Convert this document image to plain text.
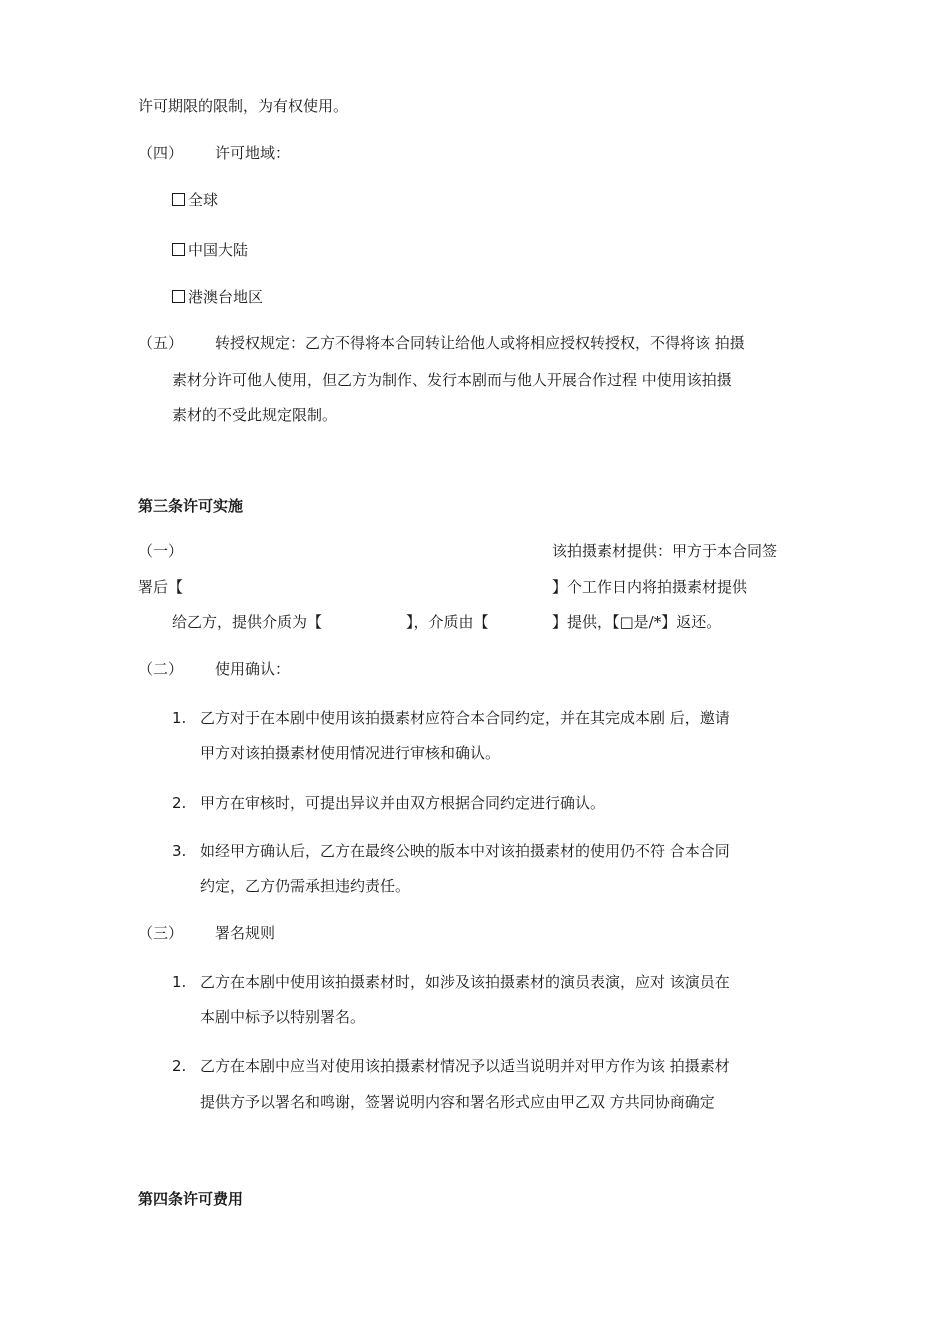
许可期限的限制，为有权使用。
（四） 许可地域：
全球
中国大陆
港澳台地区
（五） 转授权规定：乙方不得将本合同转让给他人或将相应授权转授权，不得将该 拍摄
素材分许可他人使用，但乙方为制作、发行本剧而与他人开展合作过程 中使用该拍摄
素材的不受此规定限制。
第三条许可实施
（一）	该拍摄素材提供：甲方于本合同签
署后【	】个工作日内将拍摄素材提供
给乙方，提供介质为【	】，介质由【	】提供，【□是/*】返还。
（二） 使用确认：
1. 乙方对于在本剧中使用该拍摄素材应符合本合同约定，并在其完成本剧 后，邀请
甲方对该拍摄素材使用情况进行审核和确认。
2. 甲方在审核时，可提出异议并由双方根据合同约定进行确认。
3. 如经甲方确认后，乙方在最终公映的版本中对该拍摄素材的使用仍不符 合本合同
约定，乙方仍需承担违约责任。
（三） 署名规则
1. 乙方在本剧中使用该拍摄素材时，如涉及该拍摄素材的演员表演，应对 该演员在
本剧中标予以特别署名。
2. 乙方在本剧中应当对使用该拍摄素材情况予以适当说明并对甲方作为该 拍摄素材
提供方予以署名和鸣谢，签署说明内容和署名形式应由甲乙双 方共同协商确定
第四条许可费用
